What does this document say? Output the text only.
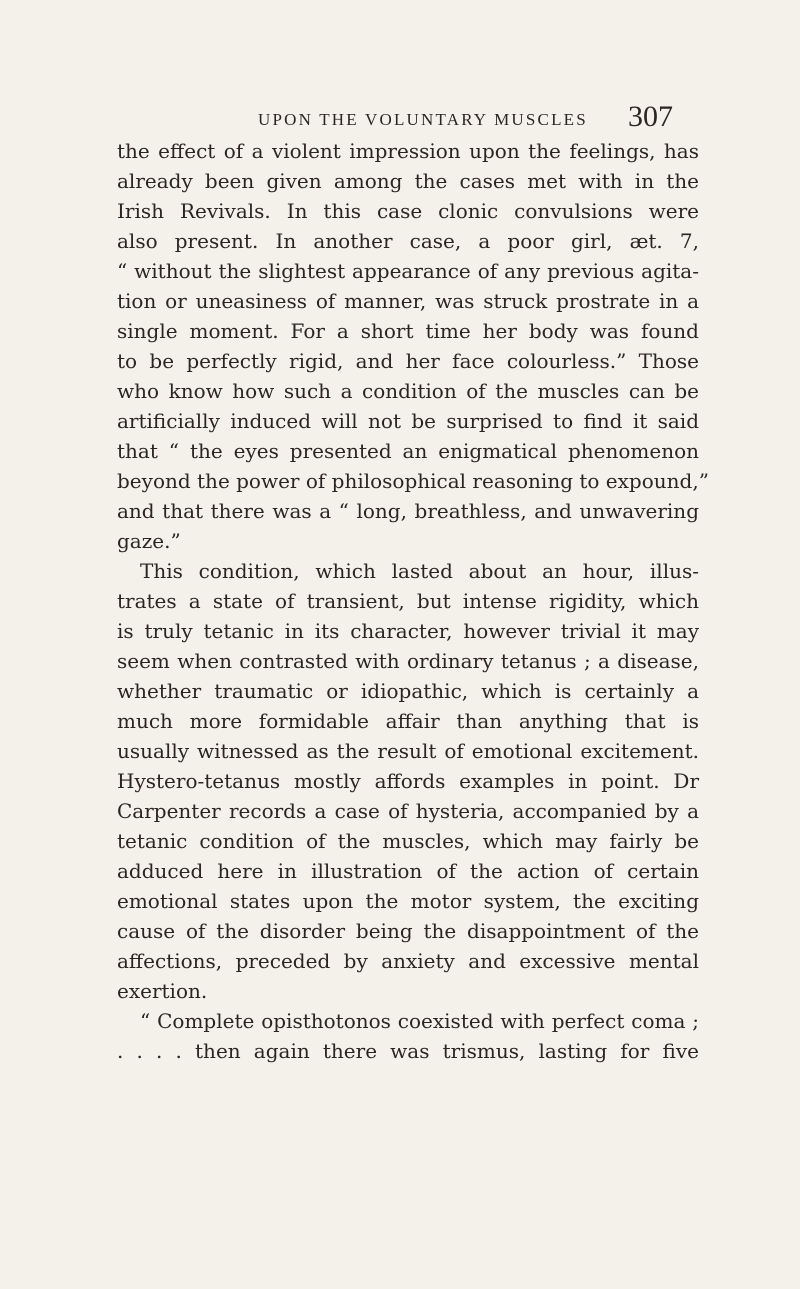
UPON THE VOLUNTARY MUSCLES 307
the effect of a violent impression upon the feelings, has
already been given among the cases met with in the
Irish Revivals. In this case clonic convulsions were
also present. In another case, a poor girl, æt. 7,
“ without the slightest appearance of any previous agita-
tion or uneasiness of manner, was struck prostrate in a
single moment. For a short time her body was found
to be perfectly rigid, and her face colourless.” Those
who know how such a condition of the muscles can be
artificially induced will not be surprised to find it said
that “ the eyes presented an enigmatical phenomenon
beyond the power of philosophical reasoning to expound,”
and that there was a “ long, breathless, and unwavering
gaze.”
This condition, which lasted about an hour, illus-
trates a state of transient, but intense rigidity, which
is truly tetanic in its character, however trivial it may
seem when contrasted with ordinary tetanus ; a disease,
whether traumatic or idiopathic, which is certainly a
much more formidable affair than anything that is
usually witnessed as the result of emotional excitement.
Hystero-tetanus mostly affords examples in point. Dr
Carpenter records a case of hysteria, accompanied by a
tetanic condition of the muscles, which may fairly be
adduced here in illustration of the action of certain
emotional states upon the motor system, the exciting
cause of the disorder being the disappointment of the
affections, preceded by anxiety and excessive mental
exertion.
“ Complete opisthotonos coexisted with perfect coma ;
. . . . then again there was trismus, lasting for five
